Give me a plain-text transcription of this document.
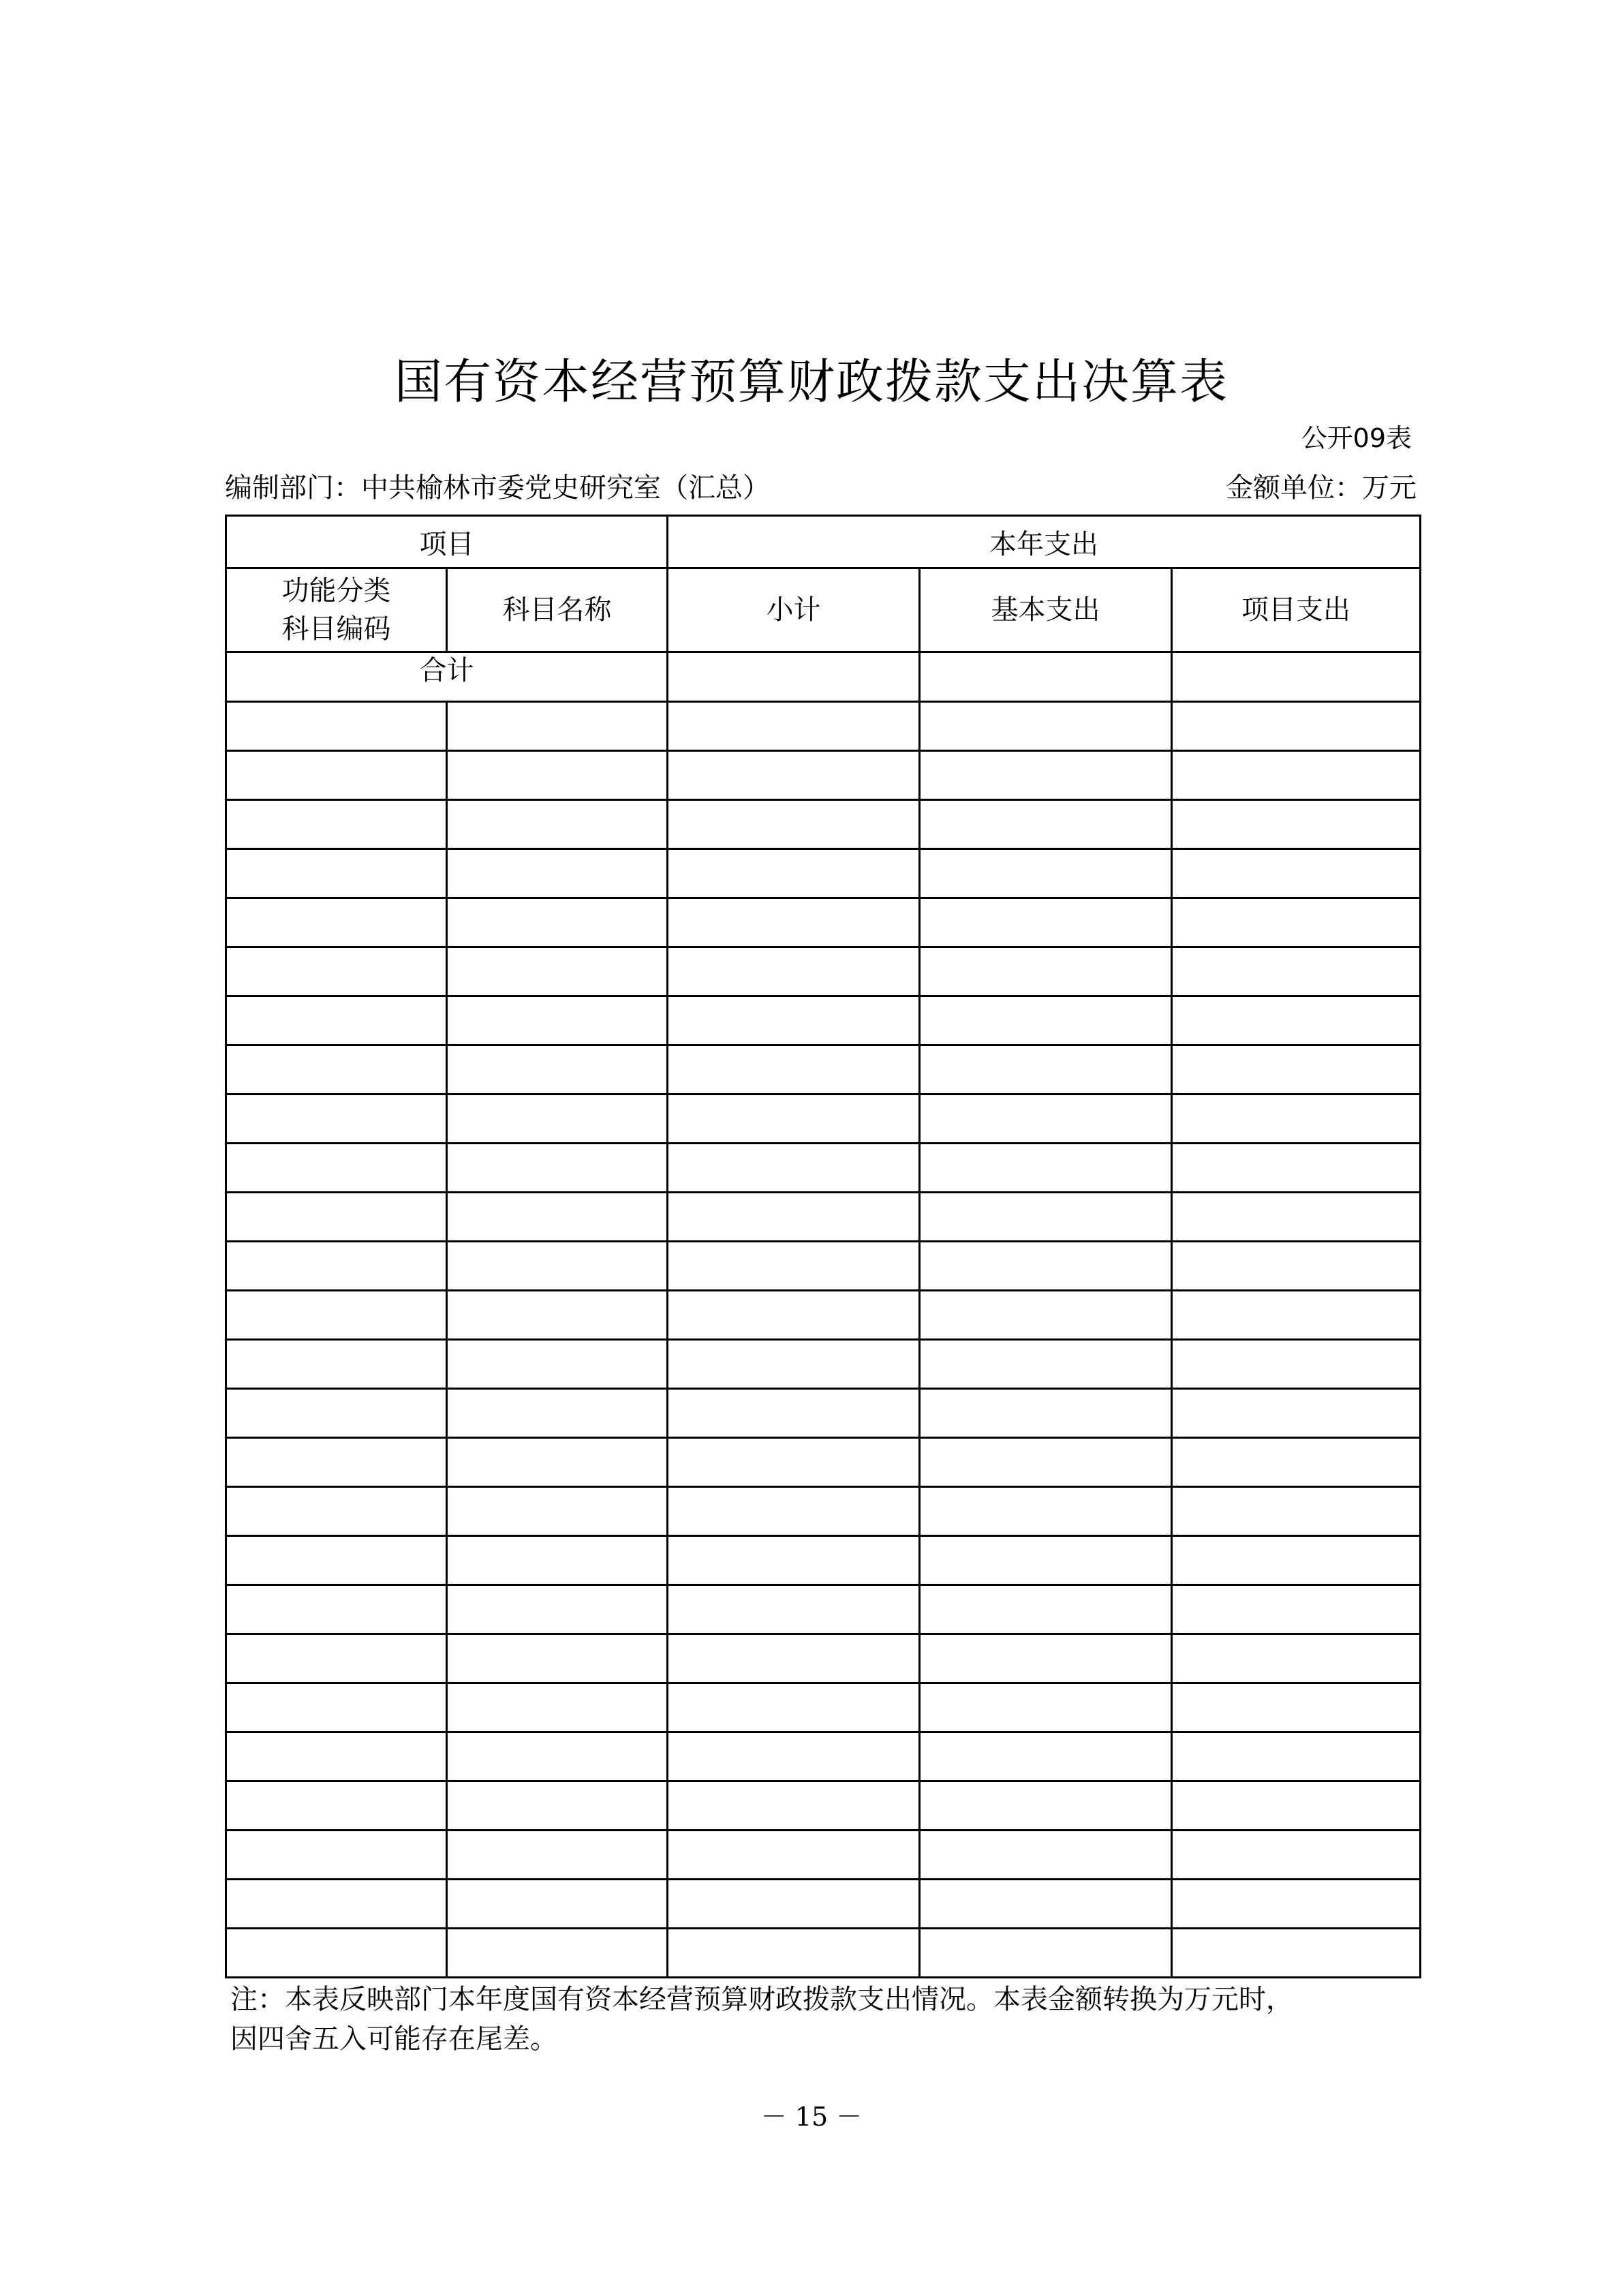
国有资本经营预算财政拨款支出决算表
公开09表
编制部门：中共榆林市委党史研究室（汇总）	金额单位：万元
项目		本年支出		

功能分类
科目编码	科目名称	小计	基本支出	项目支出
合计				

注：本表反映部门本年度国有资本经营预算财政拨款支出情况。本表金额转换为万元时，
因四舍五入可能存在尾差。
－ 15 －
